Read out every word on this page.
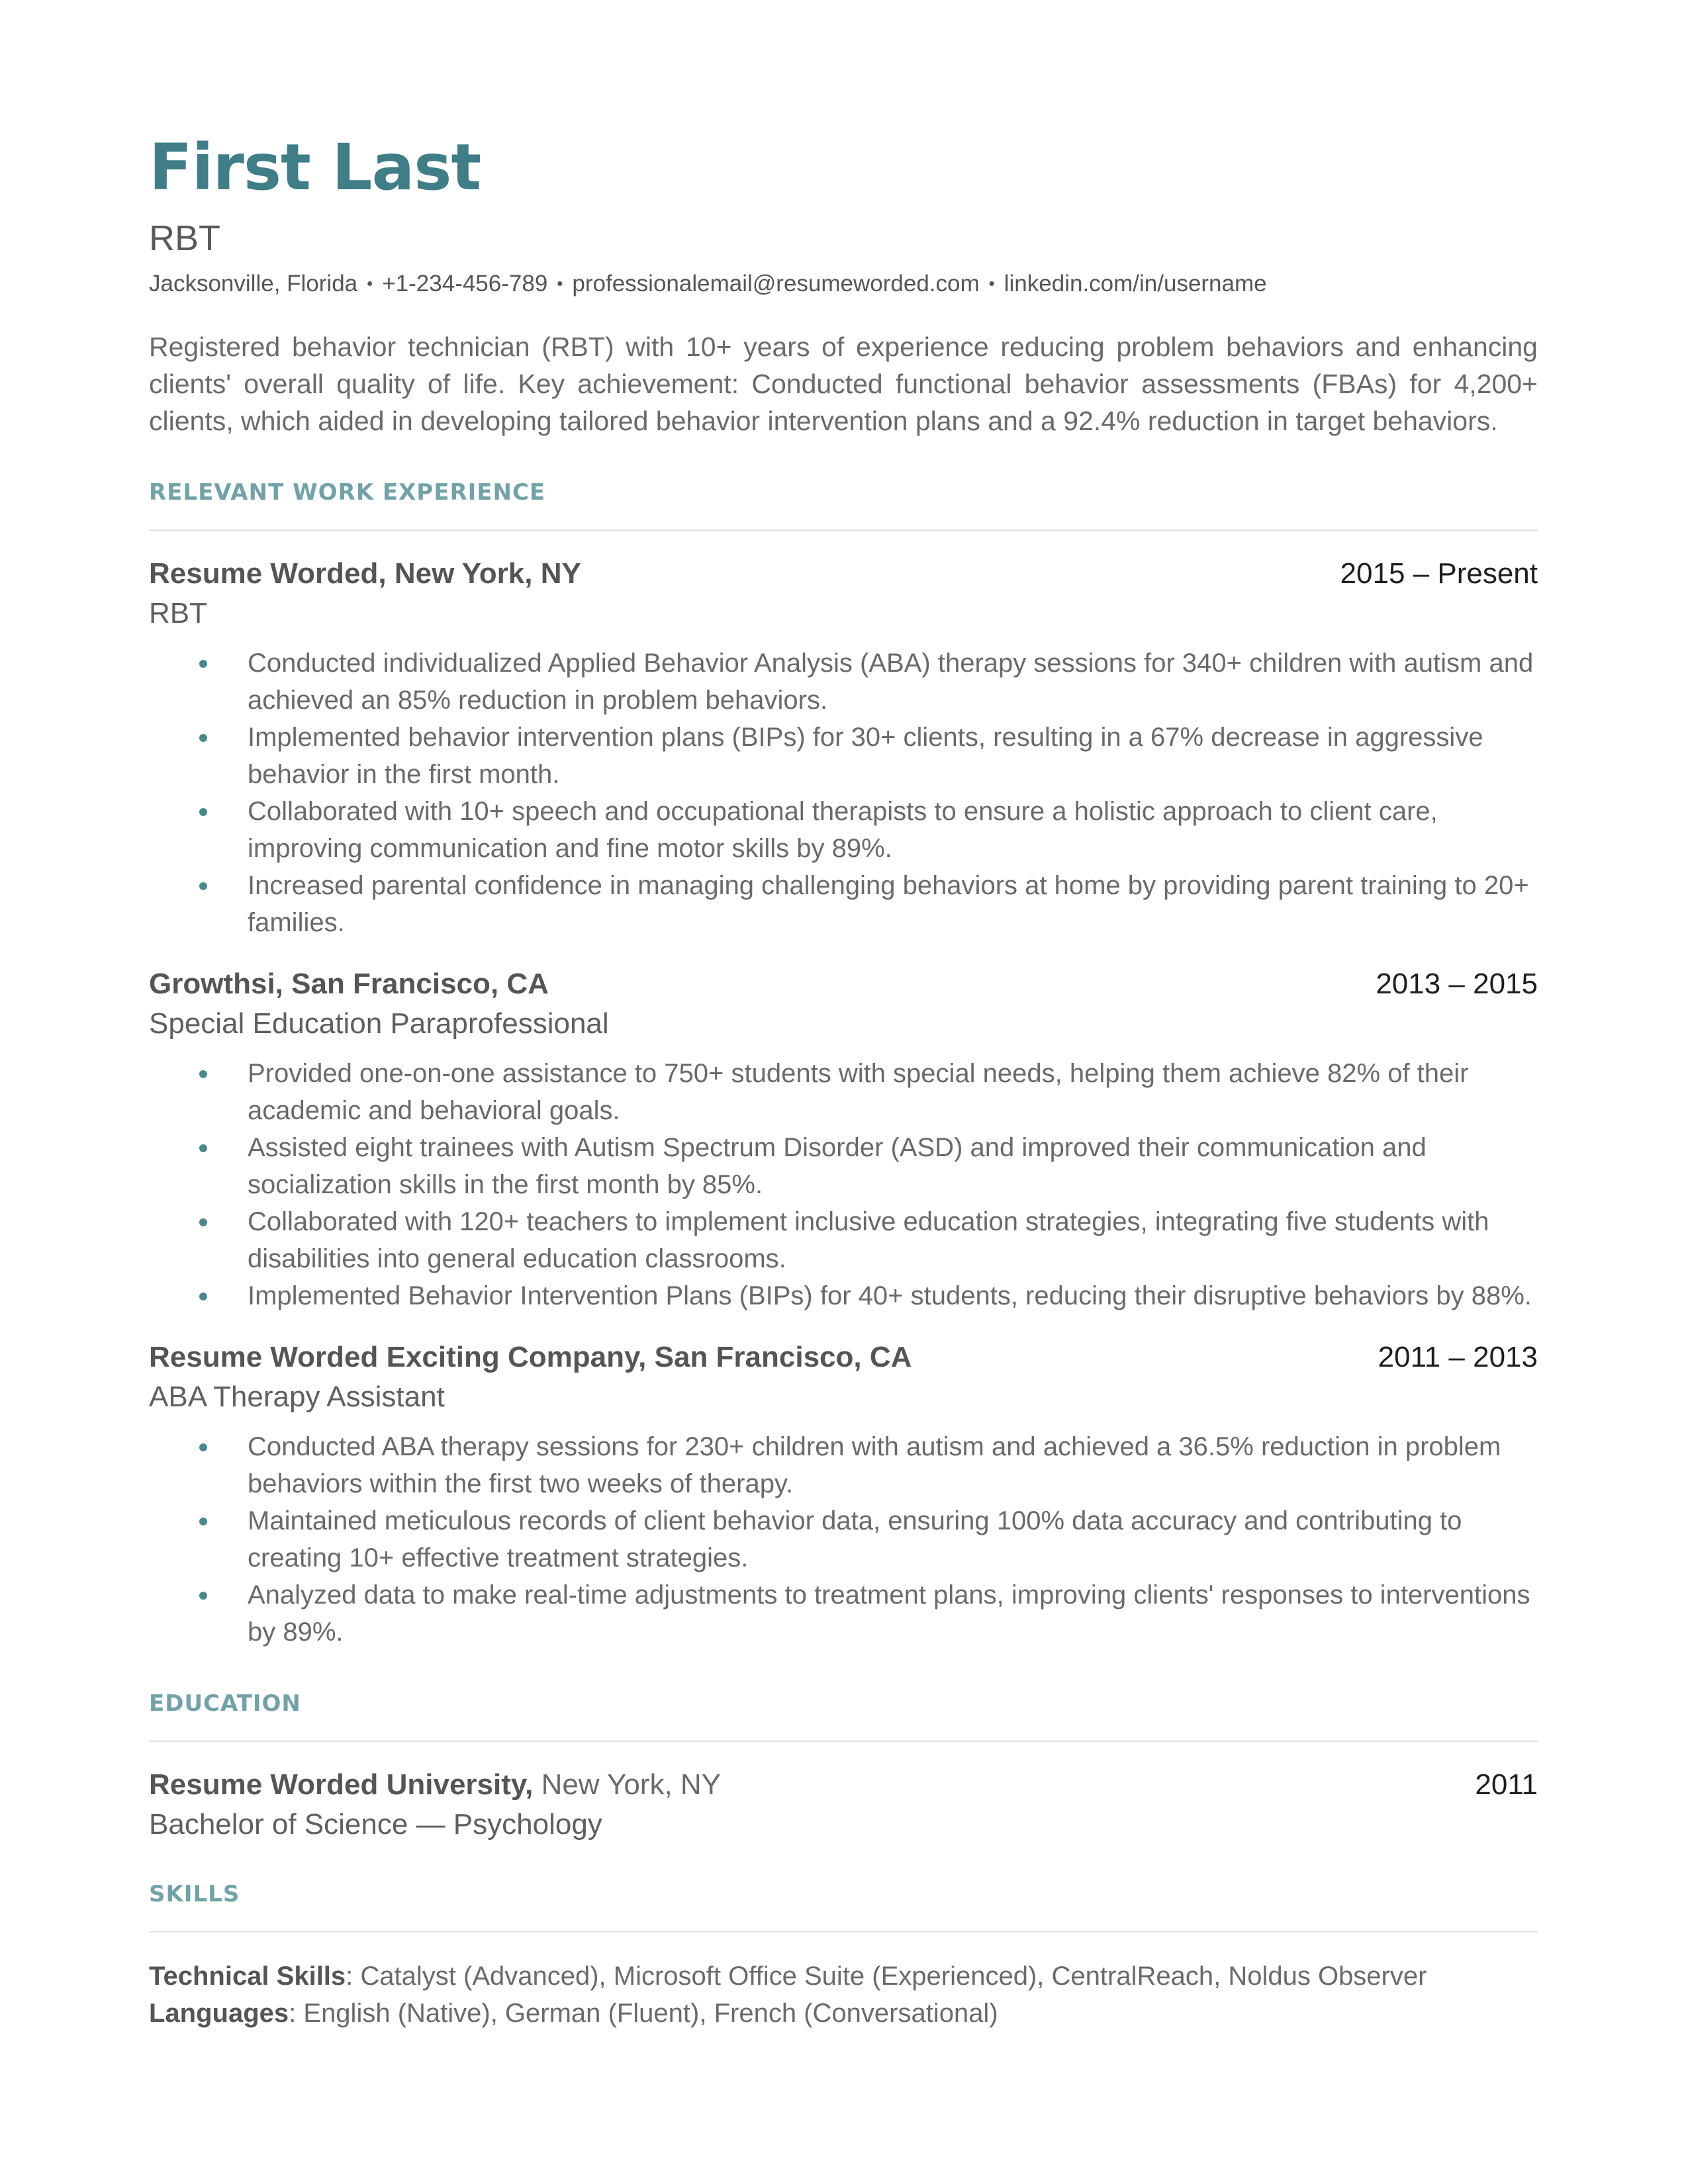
First Last
RBT
Jacksonville, Florida • +1-234-456-789 • professionalemail@resumeworded.com • linkedin.com/in/username
Registered behavior technician (RBT) with 10+ years of experience reducing problem behaviors and enhancing clients' overall quality of life. Key achievement: Conducted functional behavior assessments (FBAs) for 4,200+ clients, which aided in developing tailored behavior intervention plans and a 92.4% reduction in target behaviors.
RELEVANT WORK EXPERIENCE
Resume Worded, New York, NY	2015 – Present
RBT
Conducted individualized Applied Behavior Analysis (ABA) therapy sessions for 340+ children with autism and achieved an 85% reduction in problem behaviors.
Implemented behavior intervention plans (BIPs) for 30+ clients, resulting in a 67% decrease in aggressive behavior in the first month.
Collaborated with 10+ speech and occupational therapists to ensure a holistic approach to client care, improving communication and fine motor skills by 89%.
Increased parental confidence in managing challenging behaviors at home by providing parent training to 20+ families.
Growthsi, San Francisco, CA	2013 – 2015
Special Education Paraprofessional
Provided one-on-one assistance to 750+ students with special needs, helping them achieve 82% of their academic and behavioral goals.
Assisted eight trainees with Autism Spectrum Disorder (ASD) and improved their communication and socialization skills in the first month by 85%.
Collaborated with 120+ teachers to implement inclusive education strategies, integrating five students with disabilities into general education classrooms.
Implemented Behavior Intervention Plans (BIPs) for 40+ students, reducing their disruptive behaviors by 88%.
Resume Worded Exciting Company, San Francisco, CA	2011 – 2013
ABA Therapy Assistant
Conducted ABA therapy sessions for 230+ children with autism and achieved a 36.5% reduction in problem behaviors within the first two weeks of therapy.
Maintained meticulous records of client behavior data, ensuring 100% data accuracy and contributing to creating 10+ effective treatment strategies.
Analyzed data to make real-time adjustments to treatment plans, improving clients' responses to interventions by 89%.
EDUCATION
Resume Worded University, New York, NY	2011
Bachelor of Science — Psychology
SKILLS
Technical Skills: Catalyst (Advanced), Microsoft Office Suite (Experienced), CentralReach, Noldus Observer
Languages: English (Native), German (Fluent), French (Conversational)
